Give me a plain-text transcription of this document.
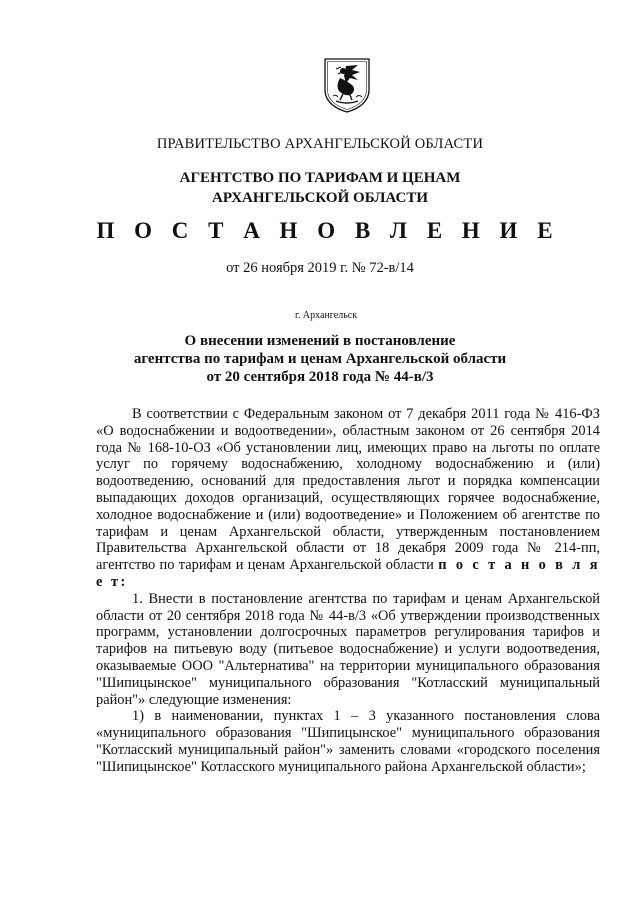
ПРАВИТЕЛЬСТВО АРХАНГЕЛЬСКОЙ ОБЛАСТИ
АГЕНТСТВО ПО ТАРИФАМ И ЦЕНАМ
АРХАНГЕЛЬСКОЙ ОБЛАСТИ
П О С Т А Н О В Л Е Н И Е
от 26 ноября 2019 г. № 72-в/14
г. Архангельск
О внесении изменений в постановление
агентства по тарифам и ценам Архангельской области
от 20 сентября 2018 года № 44-в/3

В соответствии с Федеральным законом от 7 декабря 2011 года № 416-ФЗ «О водоснабжении и водоотведении», областным законом от 26 сентября 2014 года № 168-10-ОЗ «Об установлении лиц, имеющих право на льготы по оплате услуг по горячему водоснабжению, холодному водоснабжению и (или) водоотведению, оснований для предоставления льгот и порядка компенсации выпадающих доходов организаций, осуществляющих горячее водоснабжение, холодное водоснабжение и (или) водоотведение» и Положением об агентстве по тарифам и ценам Архангельской области, утвержденным постановлением Правительства Архангельской области от 18 декабря 2009 года № 214-пп, агентство по тарифам и ценам Архангельской области п о с т а н о в л я е т:

1. Внести в постановление агентства по тарифам и ценам Архангельской области от 20 сентября 2018 года № 44-в/3 «Об утверждении производственных программ, установлении долгосрочных параметров регулирования тарифов и тарифов на питьевую воду (питьевое водоснабжение) и услуги водоотведения, оказываемые ООО "Альтернатива" на территории муниципального образования "Шипицынское" муниципального образования "Котласский муниципальный район"» следующие изменения:

1) в наименовании, пунктах 1 – 3 указанного постановления слова «муниципального образования "Шипицынское" муниципального образования "Котласский муниципальный район"» заменить словами «городского поселения "Шипицынское" Котласского муниципального района Архангельской области»;
